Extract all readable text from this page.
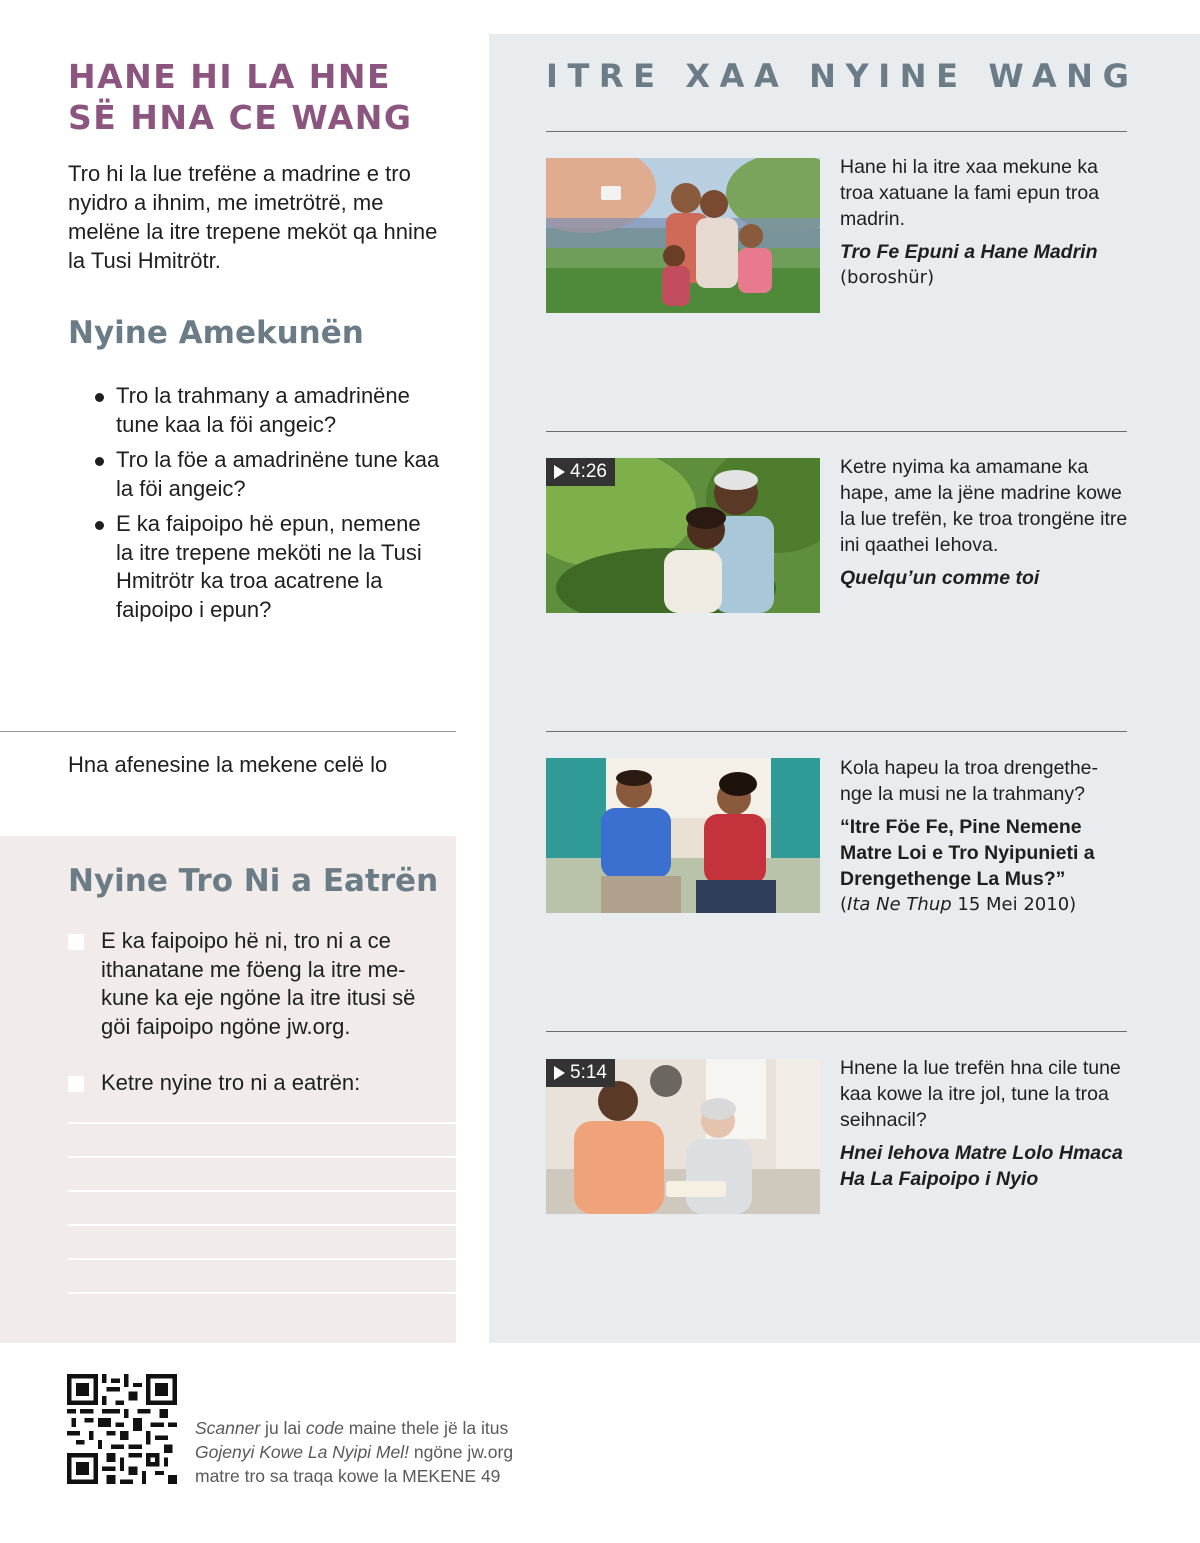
HANE HI LA HNE SË HNA CE WANG

Tro hi la lue trefëne a madrine e tro nyidro a ihnim, me imetrötrë, me melëne la itre trepene meköt qa hnine la Tusi Hmitrötr.

Nyine Amekunën
Tro la trahmany a amadrinëne tune kaa la föi angeic?
Tro la föe a amadrinëne tune kaa la föi angeic?
E ka faipoipo hë epun, nemene la itre trepene meköti ne la Tusi Hmitrötr ka troa acatrene la faipoipo i epun?

Hna afenesine la mekene celë lo

Nyine Tro Ni a Eatrën

E ka faipoipo hë ni, tro ni a ce ithanatane me föeng la itre me-kune ka eje ngöne la itre itusi së göi faipoipo ngöne jw.org.

Ketre nyine tro ni a eatrën:

ITRE XAA NYINE WANG

Hane hi la itre xaa mekune ka troa xatuane la fami epun troa madrin.

Tro Fe Epuni a Hane Madrin

(boroshür)

4:26	Ketre nyima ka amamane ka hape, ame la jëne madrine kowe la lue trefën, ke troa trongëne itre ini qaathei Iehova.

Quelqu’un comme toi

Kola hapeu la troa drengethe-nge la musi ne la trahmany?

“Itre Föe Fe, Pine Nemene Matre Loi e Tro Nyipunieti a Drengethenge La Mus?”

(Ita Ne Thup 15 Mei 2010)

5:14	Hnene la lue trefën hna cile tune kaa kowe la itre jol, tune la troa seihnacil?

Hnei Iehova Matre Lolo Hmaca Ha La Faipoipo i Nyio

Scanner ju lai code maine thele jë la itus
Gojenyi Kowe La Nyipi Mel! ngöne jw.org
matre tro sa traqa kowe la MEKENE 49
